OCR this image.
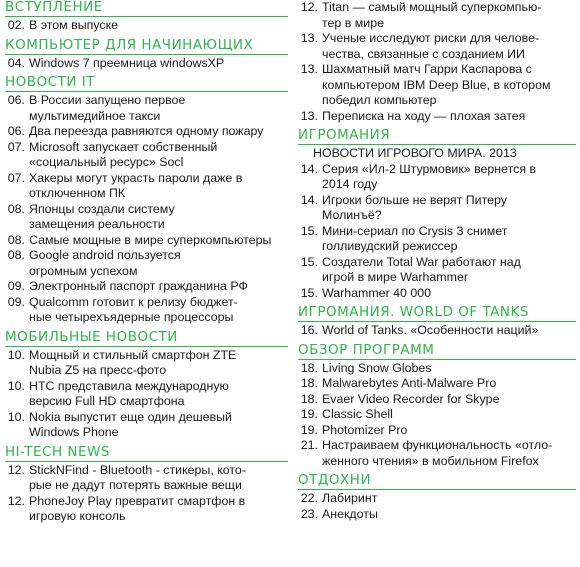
ВСТУПЛЕНИЕ
02. В этом выпуске
КОМПЬЮТЕР ДЛЯ НАЧИНАЮЩИХ
04. Windows 7 преемница windowsXP
НОВОСТИ IT
06. В России запущено первое
мультимедийное такси
06. Два переезда равняются одному пожару
07. Microsoft запускает собственный
«социальный ресурс» Socl
07. Хакеры могут украсть пароли даже в
отключенном ПК
08. Японцы создали систему
замещения реальности
08. Самые мощные в мире суперкомпьютеры
08. Google android пользуется
огромным успехом
09. Электронный паспорт гражданина РФ
09. Qualcomm готовит к релизу бюджет-
ные четырехъядерные процессоры
МОБИЛЬНЫЕ НОВОСТИ
10. Мощный и стильный смартфон ZTE
Nubia Z5 на пресс-фото
10. HTC представила международную
версию Full HD смартфона
10. Nokia выпустит еще один дешевый
Windows Phone
HI-TECH NEWS
12. StickNFind - Bluetooth - стикеры, кото-
рые не дадут потерять важные вещи
12. PhoneJoy Play превратит смартфон в
игровую консоль
12. Titan — самый мощный суперкомпью-
тер в мире
13. Ученые исследуют риски для челове-
чества, связанные с созданием ИИ
13. Шахматный матч Гарри Каспарова с
компьютером IBM Deep Blue, в котором
победил компьютер
13. Переписка на ходу — плохая затея
ИГРОМАНИЯ
НОВОСТИ ИГРОВОГО МИРА. 2013
14. Серия «Ил-2 Штурмовик» вернется в
2014 году
14. Игроки больше не верят Питеру
Молинъё?
15. Мини-сериал по Crysis 3 снимет
голливудский режиссер
15. Создатели Total War работают над
игрой в мире Warhammer
15. Warhammer 40 000
ИГРОМАНИЯ. WORLD OF TANKS
16. World of Tanks. «Особенности наций»
ОБЗОР ПРОГРАММ
18. Living Snow Globes
18. Malwarebytes Anti-Malware Pro
18. Evaer Video Recorder for Skype
19. Classic Shell
19. Photomizer Pro
21. Настраиваем функциональность «отло-
женного чтения» в мобильном Firefox
ОТДОХНИ
22. Лабиринт
23. Анекдоты
